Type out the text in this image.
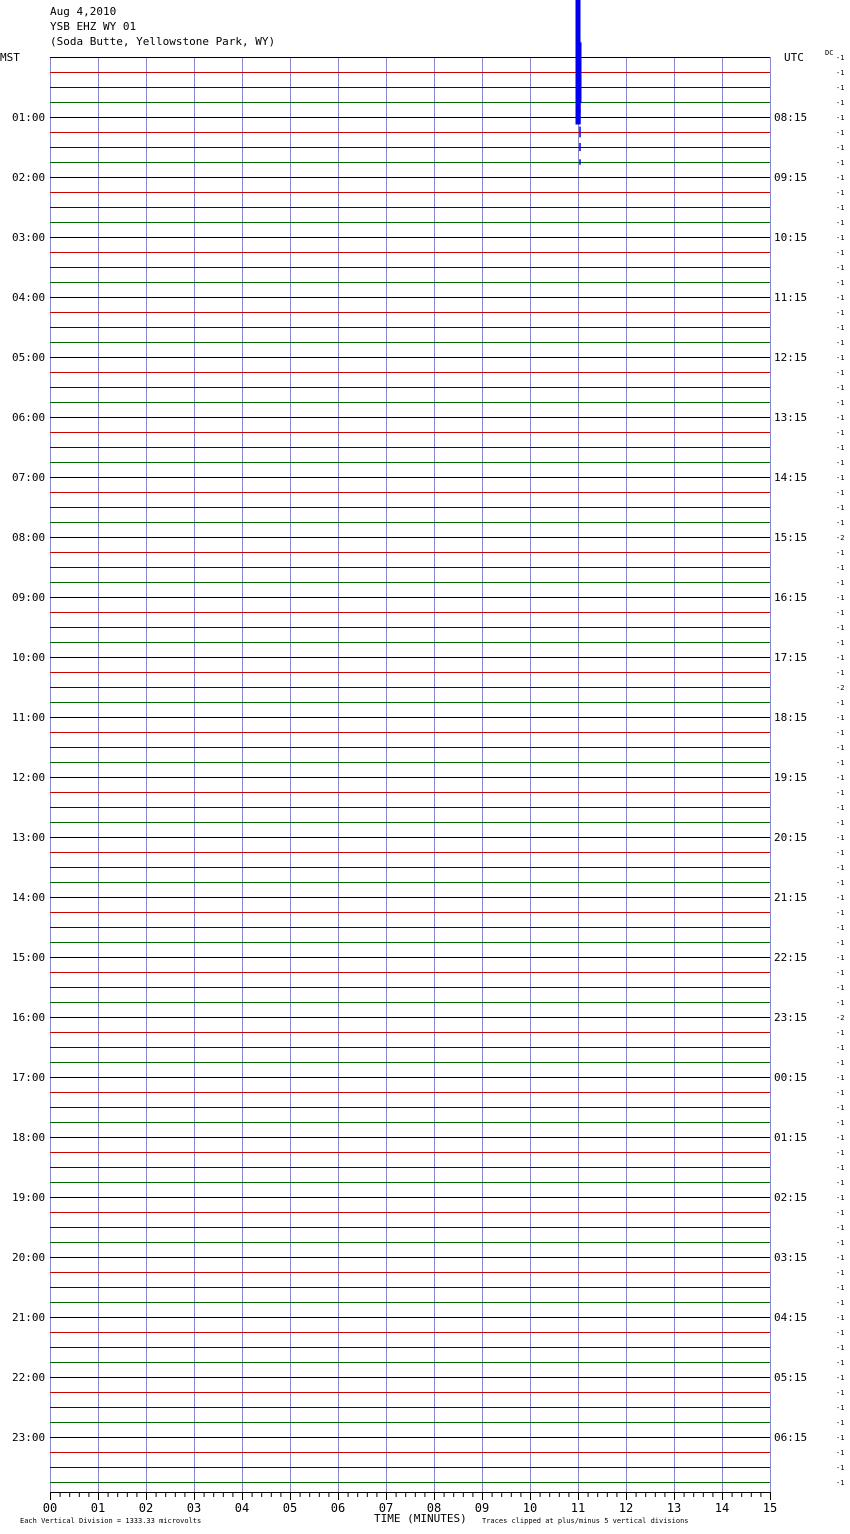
Aug 4,2010
YSB EHZ WY 01
(Soda Butte, Yellowstone Park, WY)
00	01	02	03	04	05	06	07	08	09	10	11	12	13	14	15
MST	UTC
01:00
02:00
03:00
04:00
05:00
06:00
07:00
08:00
09:00
10:00
11:00
12:00
13:00
14:00
15:00
16:00
17:00
18:00
19:00
20:00
21:00
22:00
23:00
08:15
09:15
10:15
11:15
12:15
13:15
14:15
15:15
16:15
17:15
18:15
19:15
20:15
21:15
22:15
23:15
00:15
01:15
02:15
03:15
04:15
05:15
06:15
DC
-1
-1
-1
-1
-1
-1
-1
-1
-1
-1
-1
-1
-1
-1
-1
-1
-1
-1
-1
-1
-1
-1
-1
-1
-1
-1
-1
-1
-1
-1
-1
-1
-2
-1
-1
-1
-1
-1
-1
-1
-1
-1
-2
-1
-1
-1
-1
-1
-1
-1
-1
-1
-1
-1
-1
-1
-1
-1
-1
-1
-1
-1
-1
-1
-2
-1
-1
-1
-1
-1
-1
-1
-1
-1
-1
-1
-1
-1
-1
-1
-1
-1
-1
-1
-1
-1
-1
-1
-1
-1
-1
-1
-1
-1
-1
-1
Each Vertical Division = 1333.33 microvolts	TIME (MINUTES) Traces clipped at plus/minus 5 vertical divisions
